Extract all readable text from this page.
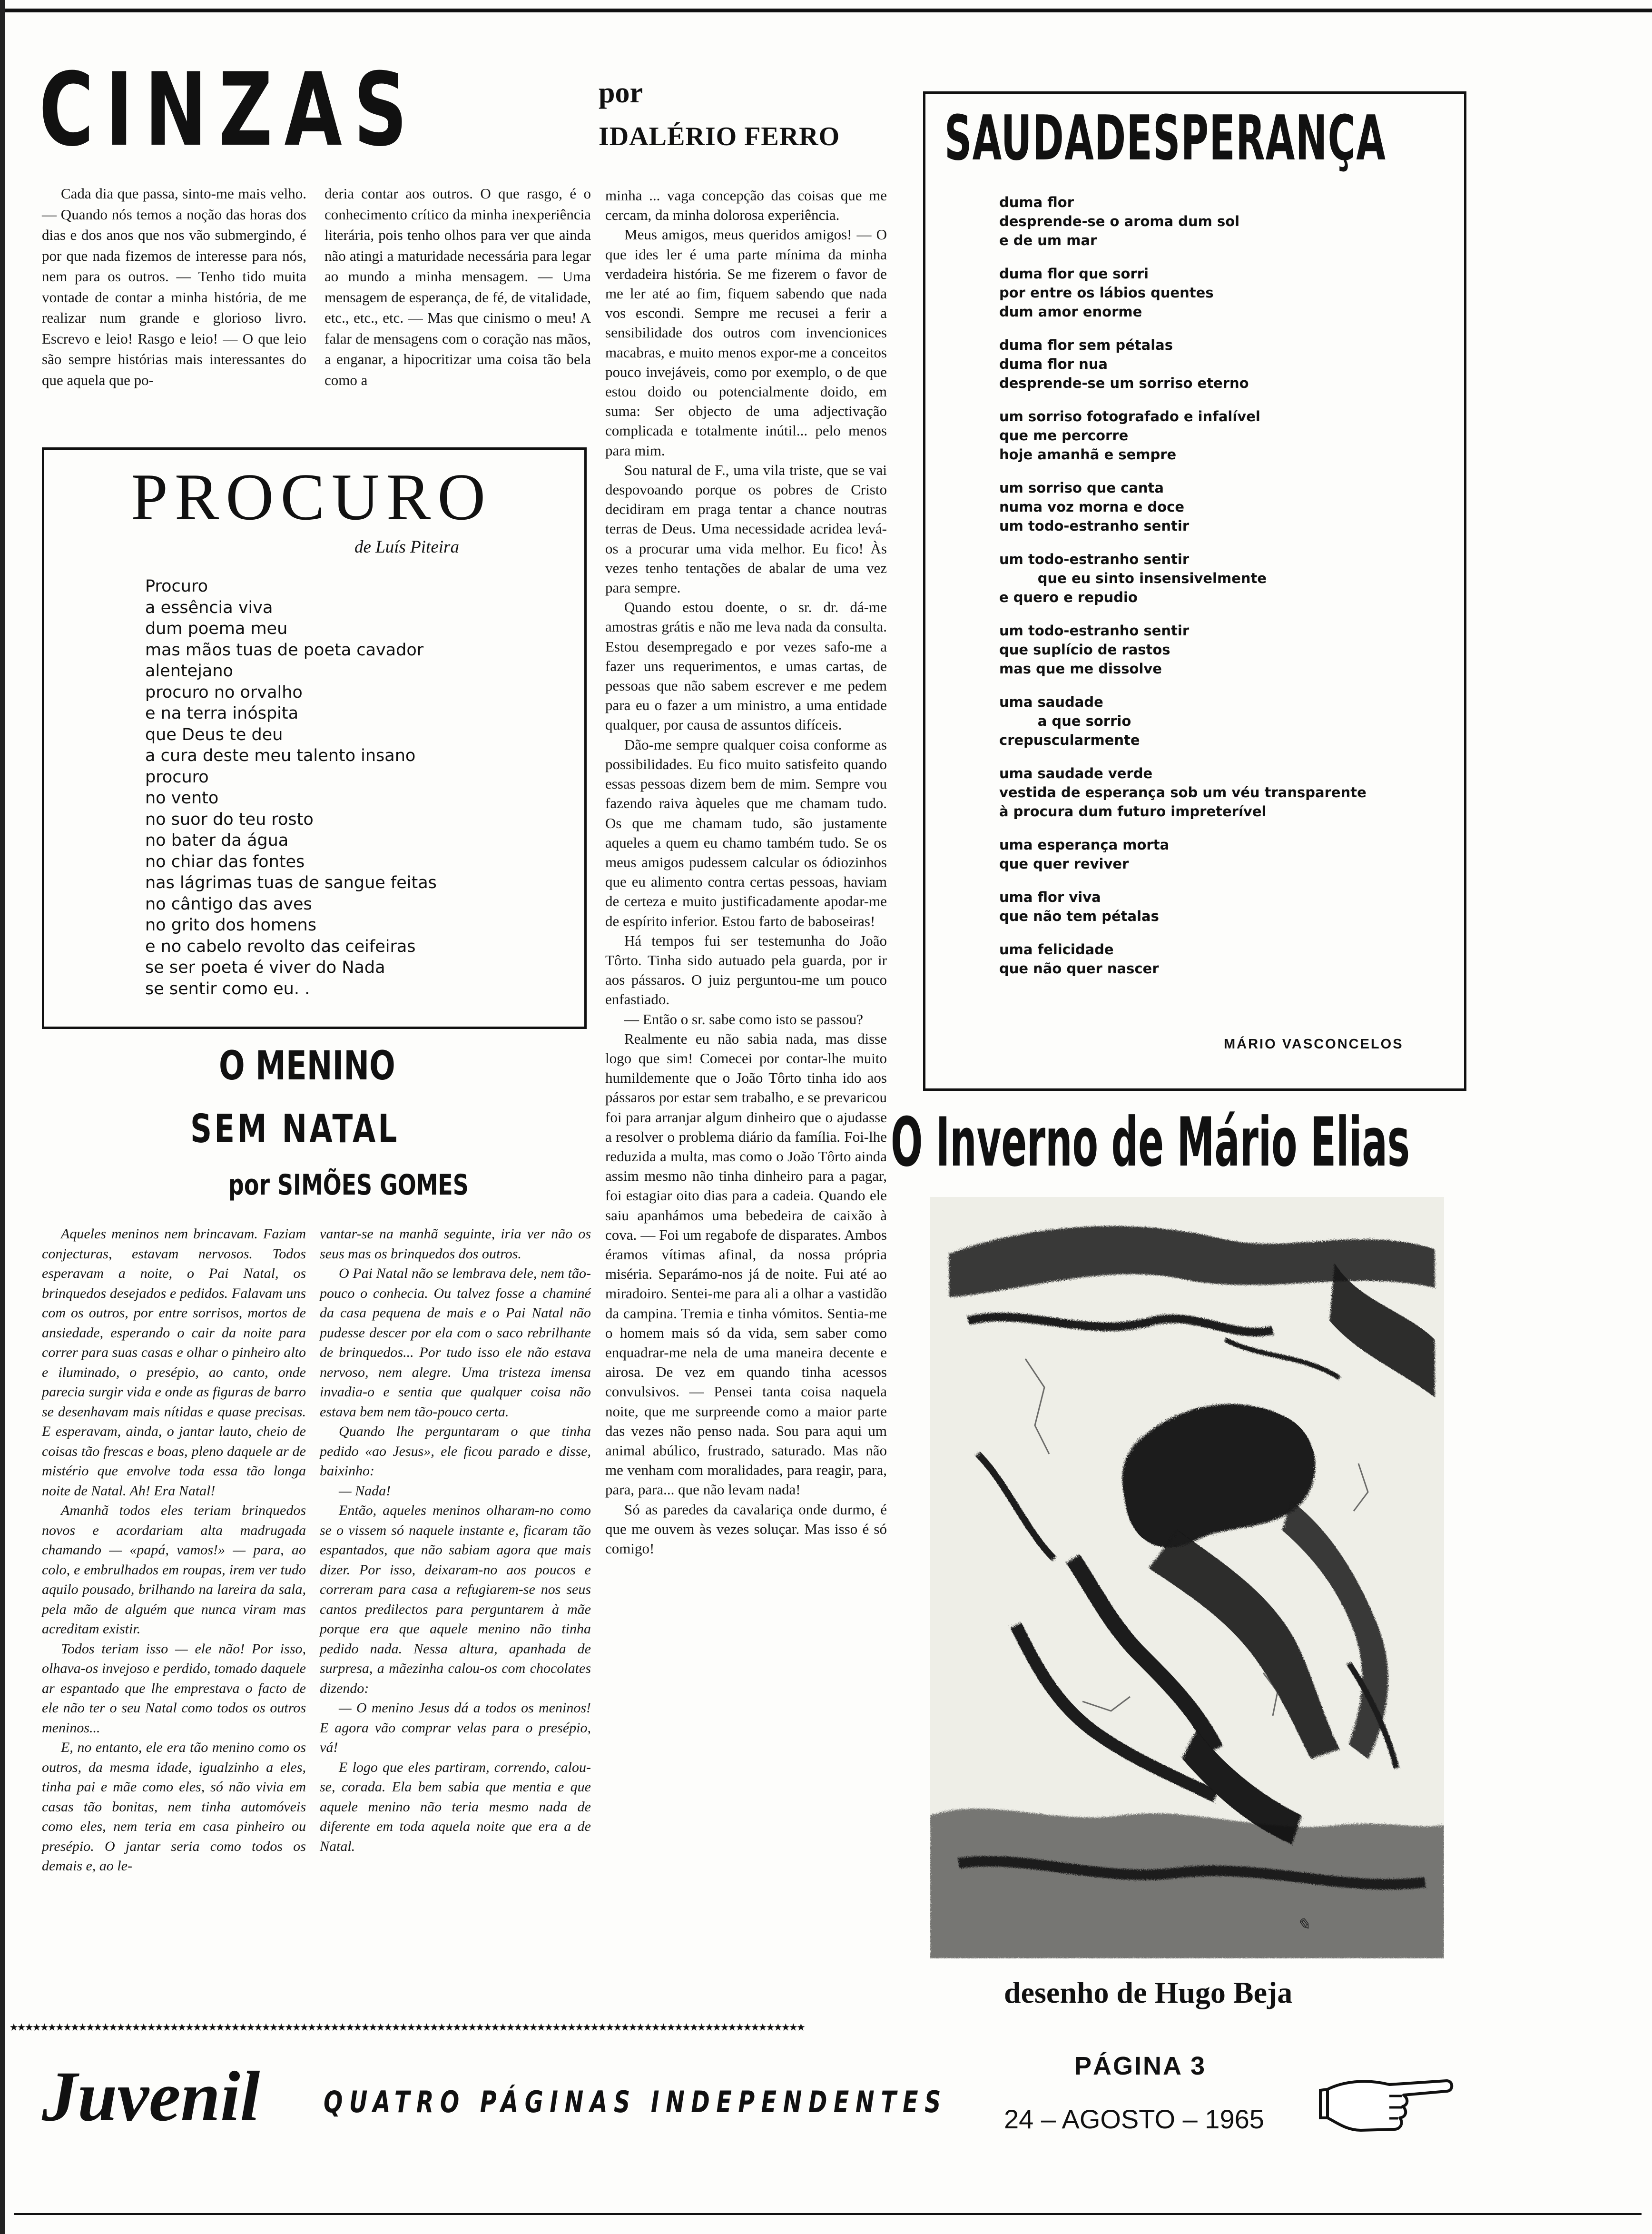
CINZAS	por
IDALÉRIO FERRO

Cada dia que passa, sinto-me mais velho. — Quando nós temos a noção das horas dos dias e dos anos que nos vão submergindo, é por que nada fizemos de interesse para nós, nem para os outros. — Tenho tido muita vontade de contar a minha história, de me realizar num grande e glorioso livro. Escrevo e leio! Rasgo e leio! — O que leio são sempre histórias mais interessantes do que aquela que po-

deria contar aos outros. O que rasgo, é o conhecimento crítico da minha inexperiência literária, pois tenho olhos para ver que ainda não atingi a maturidade necessária para legar ao mundo a minha mensagem. — Uma mensagem de esperança, de fé, de vitalidade, etc., etc., etc. — Mas que cinismo o meu! A falar de mensagens com o coração nas mãos, a enganar, a hipocritizar uma coisa tão bela como a

minha ... vaga concepção das coisas que me cercam, da minha dolorosa experiência.

Meus amigos, meus queridos amigos! — O que ides ler é uma parte mínima da minha verdadeira história. Se me fizerem o favor de me ler até ao fim, fiquem sabendo que nada vos escondi. Sempre me recusei a ferir a sensibilidade dos outros com invencionices macabras, e muito menos expor-me a conceitos pouco invejáveis, como por exemplo, o de que estou doido ou potencialmente doido, em suma: Ser objecto de uma adjectivação complicada e totalmente inútil... pelo menos para mim.

Sou natural de F., uma vila triste, que se vai despovoando porque os pobres de Cristo decidiram em praga tentar a chance noutras terras de Deus. Uma necessidade acridea levá-os a procurar uma vida melhor. Eu fico! Às vezes tenho tentações de abalar de uma vez para sempre.

Quando estou doente, o sr. dr. dá-me amostras grátis e não me leva nada da consulta. Estou desempregado e por vezes safo-me a fazer uns requerimentos, e umas cartas, de pessoas que não sabem escrever e me pedem para eu o fazer a um ministro, a uma entidade qualquer, por causa de assuntos difíceis.

Dão-me sempre qualquer coisa conforme as possibilidades. Eu fico muito satisfeito quando essas pessoas dizem bem de mim. Sempre vou fazendo raiva àqueles que me chamam tudo. Os que me chamam tudo, são justamente aqueles a quem eu chamo também tudo. Se os meus amigos pudessem calcular os ódiozinhos que eu alimento contra certas pessoas, haviam de certeza e muito justificadamente apodar-me de espírito inferior. Estou farto de baboseiras!

Há tempos fui ser testemunha do João Tôrto. Tinha sido autuado pela guarda, por ir aos pássaros. O juiz perguntou-me um pouco enfastiado.

— Então o sr. sabe como isto se passou?

Realmente eu não sabia nada, mas disse logo que sim! Comecei por contar-lhe muito humildemente que o João Tôrto tinha ido aos pássaros por estar sem trabalho, e se prevaricou foi para arranjar algum dinheiro que o ajudasse a resolver o problema diário da família. Foi-lhe reduzida a multa, mas como o João Tôrto ainda assim mesmo não tinha dinheiro para a pagar, foi estagiar oito dias para a cadeia. Quando ele saiu apanhámos uma bebedeira de caixão à cova. — Foi um regabofe de disparates. Ambos éramos vítimas afinal, da nossa própria miséria. Separámo-nos já de noite. Fui até ao miradoiro. Sentei-me para ali a olhar a vastidão da campina. Tremia e tinha vómitos. Sentia-me o homem mais só da vida, sem saber como enquadrar-me nela de uma maneira decente e airosa. De vez em quando tinha acessos convulsivos. — Pensei tanta coisa naquela noite, que me surpreende como a maior parte das vezes não penso nada. Sou para aqui um animal abúlico, frustrado, saturado. Mas não me venham com moralidades, para reagir, para, para, para... que não levam nada!

Só as paredes da cavalariça onde durmo, é que me ouvem às vezes soluçar. Mas isso é só comigo!

PROCURO
de Luís Piteira
Procuro
a essência viva
dum poema meu
mas mãos tuas de poeta cavador
alentejano
procuro no orvalho
e na terra inóspita
que Deus te deu
a cura deste meu talento insano
procuro
no vento
no suor do teu rosto
no bater da água
no chiar das fontes
nas lágrimas tuas de sangue feitas
no cântigo das aves
no grito dos homens
e no cabelo revolto das ceifeiras
se ser poeta é viver do Nada
se sentir como eu. .
O MENINO
SEM NATAL
por SIMÕES GOMES

Aqueles meninos nem brincavam. Faziam conjecturas, estavam nervosos. Todos esperavam a noite, o Pai Natal, os brinquedos desejados e pedidos. Falavam uns com os outros, por entre sorrisos, mortos de ansiedade, esperando o cair da noite para correr para suas casas e olhar o pinheiro alto e iluminado, o presépio, ao canto, onde parecia surgir vida e onde as figuras de barro se desenhavam mais nítidas e quase precisas. E esperavam, ainda, o jantar lauto, cheio de coisas tão frescas e boas, pleno daquele ar de mistério que envolve toda essa tão longa noite de Natal. Ah! Era Natal!

Amanhã todos eles teriam brinquedos novos e acordariam alta madrugada chamando — «papá, vamos!» — para, ao colo, e embrulhados em roupas, irem ver tudo aquilo pousado, brilhando na lareira da sala, pela mão de alguém que nunca viram mas acreditam existir.

Todos teriam isso — ele não! Por isso, olhava-os invejoso e perdido, tomado daquele ar espantado que lhe emprestava o facto de ele não ter o seu Natal como todos os outros meninos...

E, no entanto, ele era tão menino como os outros, da mesma idade, igualzinho a eles, tinha pai e mãe como eles, só não vivia em casas tão bonitas, nem tinha automóveis como eles, nem teria em casa pinheiro ou presépio. O jantar seria como todos os demais e, ao le-

vantar-se na manhã seguinte, iria ver não os seus mas os brinquedos dos outros.

O Pai Natal não se lembrava dele, nem tão-pouco o conhecia. Ou talvez fosse a chaminé da casa pequena de mais e o Pai Natal não pudesse descer por ela com o saco rebrilhante de brinquedos... Por tudo isso ele não estava nervoso, nem alegre. Uma tristeza imensa invadia-o e sentia que qualquer coisa não estava bem nem tão-pouco certa.

Quando lhe perguntaram o que tinha pedido «ao Jesus», ele ficou parado e disse, baixinho:

— Nada!

Então, aqueles meninos olharam-no como se o vissem só naquele instante e, ficaram tão espantados, que não sabiam agora que mais dizer. Por isso, deixaram-no aos poucos e correram para casa a refugiarem-se nos seus cantos predilectos para perguntarem à mãe porque era que aquele menino não tinha pedido nada. Nessa altura, apanhada de surpresa, a mãezinha calou-os com chocolates dizendo:

— O menino Jesus dá a todos os meninos! E agora vão comprar velas para o presépio, vá!

E logo que eles partiram, correndo, calou-se, corada. Ela bem sabia que mentia e que aquele menino não teria mesmo nada de diferente em toda aquela noite que era a de Natal.

SAUDADESPERANÇA
duma flor
desprende-se o aroma dum sol
e de um mar
duma flor que sorri
por entre os lábios quentes
dum amor enorme
duma flor sem pétalas
duma flor nua
desprende-se um sorriso eterno
um sorriso fotografado e infalível
que me percorre
hoje amanhã e sempre
um sorriso que canta
numa voz morna e doce
um todo-estranho sentir
um todo-estranho sentir
que eu sinto insensivelmente
e quero e repudio
um todo-estranho sentir
que suplício de rastos
mas que me dissolve
uma saudade
a que sorrio
crepuscularmente
uma saudade verde
vestida de esperança sob um véu transparente
à procura dum futuro impreterível
uma esperança morta
que quer reviver
uma flor viva
que não tem pétalas
uma felicidade
que não quer nascer
MÁRIO VASCONCELOS
O Inverno de Mário Elias
✎
desenho de Hugo Beja
★★★★★★★★★★★★★★★★★★★★★★★★★★★★★★★★★★★★★★★★★★★★★★★★★★★★★★★★★★★★★★★★★★★★★★★★★★★★★★★★★★★★★★★★★★★★★★★★★★★★★★★★
Juvenil QUATRO PÁGINAS INDEPENDENTES
PÁGINA 3
24 – AGOSTO – 1965
